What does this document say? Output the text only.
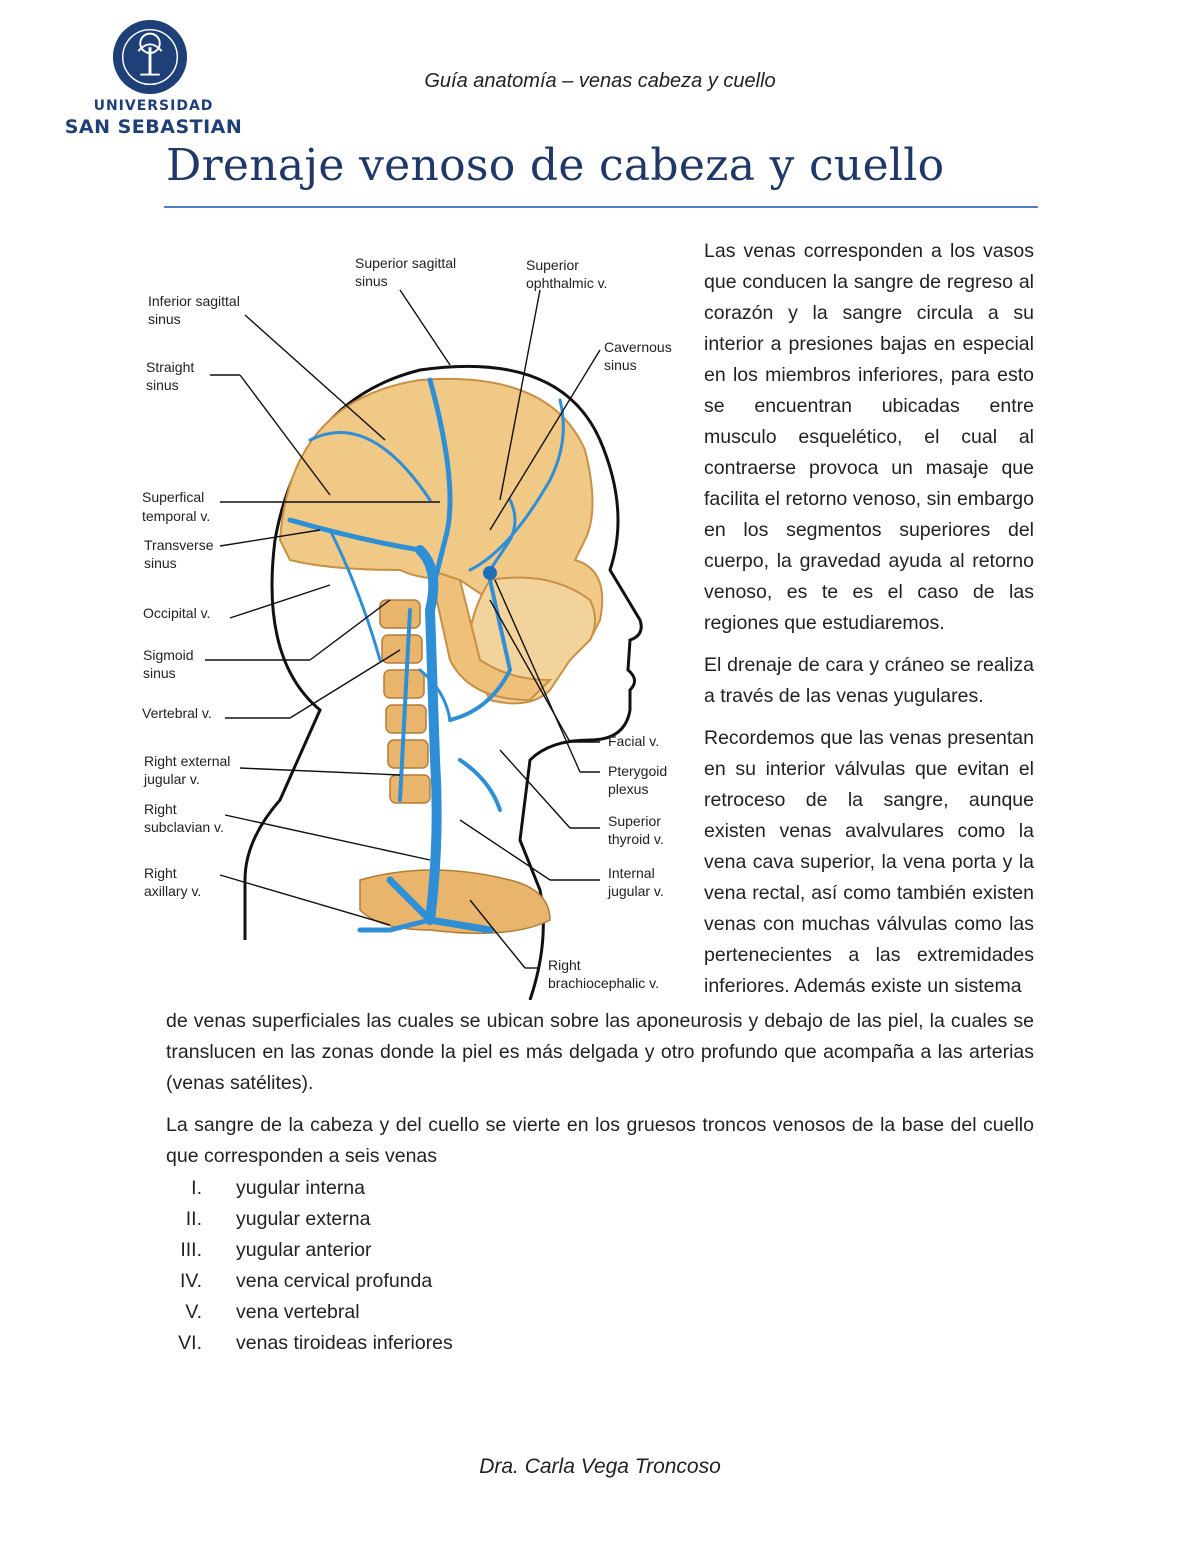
UNIVERSIDAD
SAN SEBASTIAN
Guía anatomía – venas cabeza y cuello
Drenaje venoso de cabeza y cuello
Superior sagittal
sinus
Superior
ophthalmic v.
Inferior sagittal
sinus
Straight
sinus
Cavernous
sinus
Superfical
temporal v.
Transverse
sinus
Occipital v.
Sigmoid
sinus
Vertebral v.
Right external
jugular v.
Right
subclavian v.
Right
axillary v.
Facial v.
Pterygoid
plexus
Superior
thyroid v.
Internal
jugular v.
Right
brachiocephalic v.

Las venas corresponden a los vasos que conducen la sangre de regreso al corazón y la sangre circula a su interior a presiones bajas en especial en los miembros inferiores, para esto se encuentran ubicadas entre musculo esquelético, el cual al contraerse provoca un masaje que facilita el retorno venoso, sin embargo en los segmentos superiores del cuerpo, la gravedad ayuda al retorno venoso, es te es el caso de las regiones que estudiaremos.

El drenaje de cara y cráneo se realiza a través de las venas yugulares.

Recordemos que las venas presentan en su interior válvulas que evitan el retroceso de la sangre, aunque existen venas avalvulares como la vena cava superior, la vena porta y la vena rectal, así como también existen venas con muchas válvulas como las pertenecientes a las extremidades inferiores. Además existe un sistema

de venas superficiales las cuales se ubican sobre las aponeurosis y debajo de las piel, la cuales se translucen en las zonas donde la piel es más delgada y otro profundo que acompaña a las arterias (venas satélites).

La sangre de la cabeza y del cuello se vierte en los gruesos troncos venosos de la base del cuello que corresponden a seis venas

I. yugular interna
II. yugular externa
III. yugular anterior
IV. vena cervical profunda
V. vena vertebral
VI. venas tiroideas inferiores
Dra. Carla Vega Troncoso
